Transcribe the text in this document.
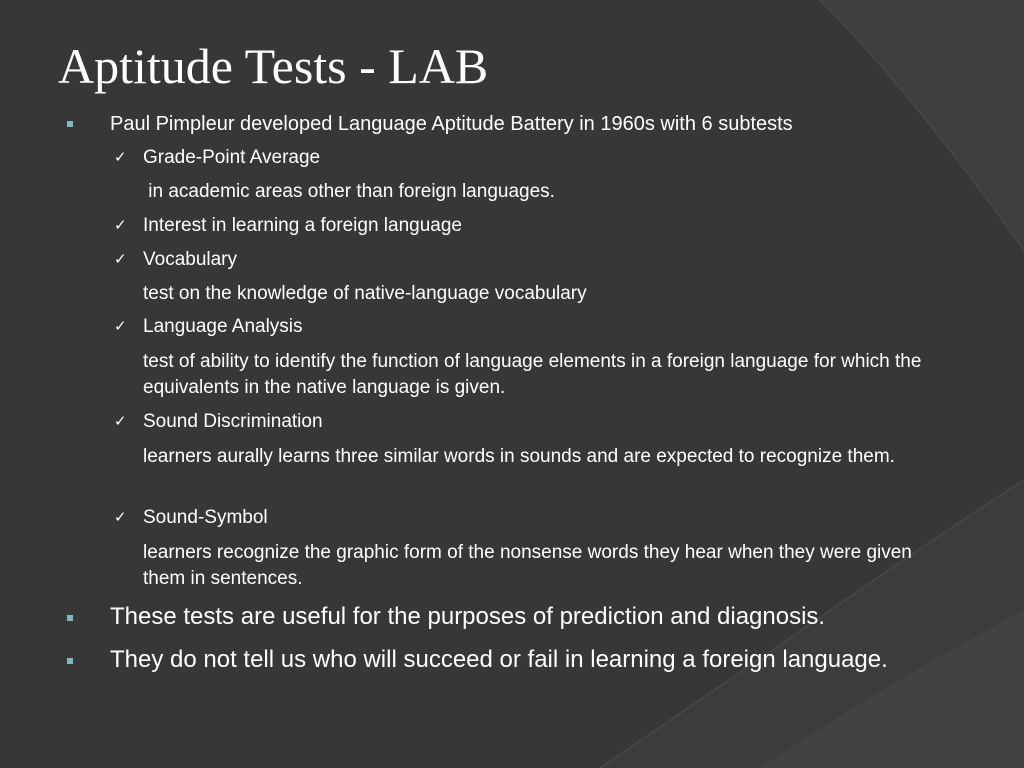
Aptitude Tests - LAB
Paul Pimpleur developed Language Aptitude Battery in 1960s with 6 subtests
✓ Grade-Point Average
in academic areas other than foreign languages.
✓ Interest in learning a foreign language
✓ Vocabulary
test on the knowledge of native-language vocabulary
✓ Language Analysis
test of ability to identify the function of language elements in a foreign language for which the equivalents in the native language is given.
✓ Sound Discrimination
learners aurally learns three similar words in sounds and are expected to recognize them.
✓ Sound-Symbol
learners recognize the graphic form of the nonsense words they hear when they were given them in sentences.
These tests are useful for the purposes of prediction and diagnosis.
They do not tell us who will succeed or fail in learning a foreign language.
